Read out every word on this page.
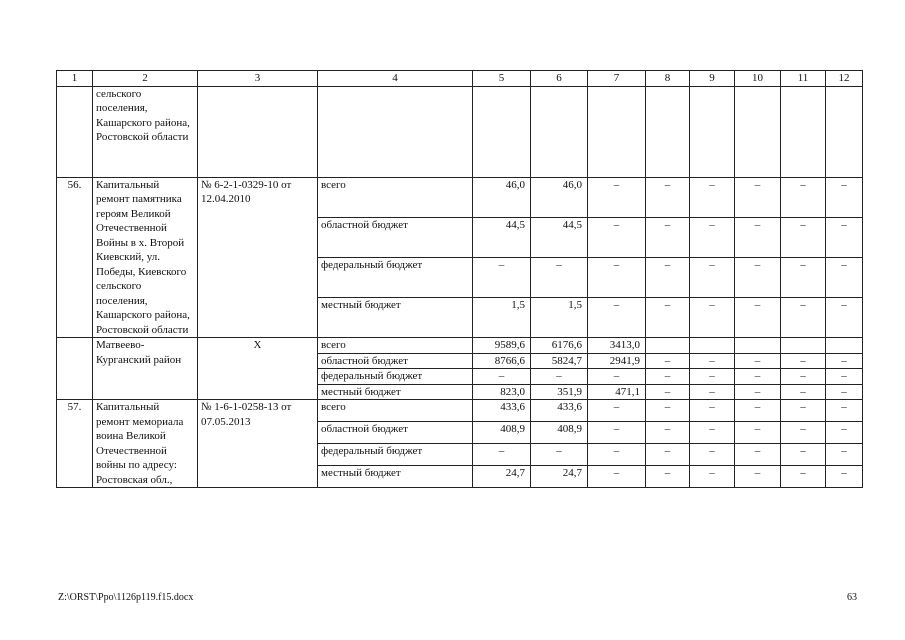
1	2	3	4	5	6	7	8	9	10	11	12
	сельского поселения, Кашарского района, Ростовской области										
56.	Капитальный ремонт памятника героям Великой Отечественной Войны в х. Второй Киевский, ул. Победы, Киевского сельского поселения, Кашарского района, Ростовской области	№ 6-2-1-0329-10 от 12.04.2010	всего	46,0	46,0	–	–	–	–	–	–
			областной бюджет	44,5	44,5	–	–	–	–	–	–
			федеральный бюджет	–	–	–	–	–	–	–	–
			местный бюджет	1,5	1,5	–	–	–	–	–	–
	Матвеево-Курганский район	Х	всего	9589,6	6176,6	3413,0					
			областной бюджет	8766,6	5824,7	2941,9	–	–	–	–	–
			федеральный бюджет	–	–	–	–	–	–	–	–
			местный бюджет	823,0	351,9	471,1	–	–	–	–	–
57.	Капитальный ремонт мемориала воина Великой Отечественной войны по адресу: Ростовская обл.,	№ 1-6-1-0258-13 от 07.05.2013	всего	433,6	433,6	–	–	–	–	–	–
			областной бюджет	408,9	408,9	–	–	–	–	–	–
			федеральный бюджет	–	–	–	–	–	–	–	–
			местный бюджет	24,7	24,7	–	–	–	–	–	–
Z:\ORST\Ppo\1126p119.f15.docx	63
